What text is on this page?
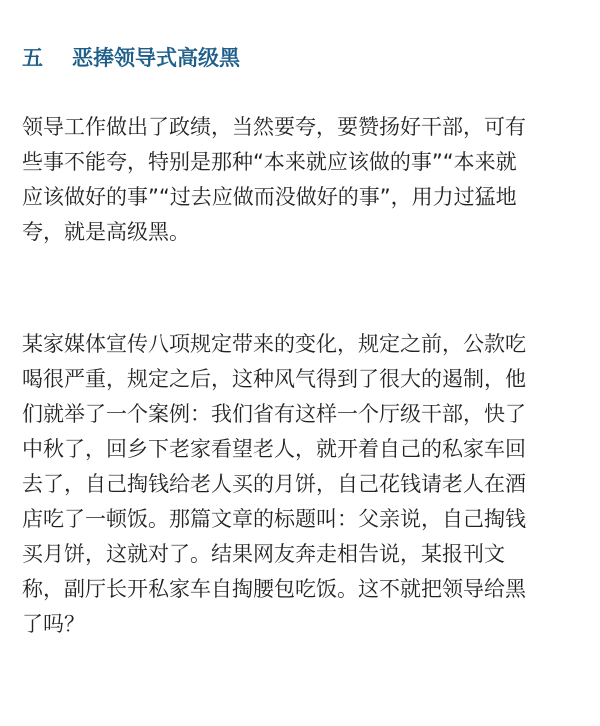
五	恶捧领导式高级黑

领导工作做出了政绩，当然要夸，要赞扬好干部，可有
些事不能夸，特别是那种“本来就应该做的事”“本来就
应该做好的事”“过去应做而没做好的事”，用力过猛地
夸，就是高级黑。

某家媒体宣传八项规定带来的变化，规定之前，公款吃
喝很严重，规定之后，这种风气得到了很大的遏制，他
们就举了一个案例：我们省有这样一个厅级干部，快了
中秋了，回乡下老家看望老人，就开着自己的私家车回
去了，自己掏钱给老人买的月饼，自己花钱请老人在酒
店吃了一顿饭。那篇文章的标题叫：父亲说，自己掏钱
买月饼，这就对了。结果网友奔走相告说，某报刊文
称，副厅长开私家车自掏腰包吃饭。这不就把领导给黑
了吗？
